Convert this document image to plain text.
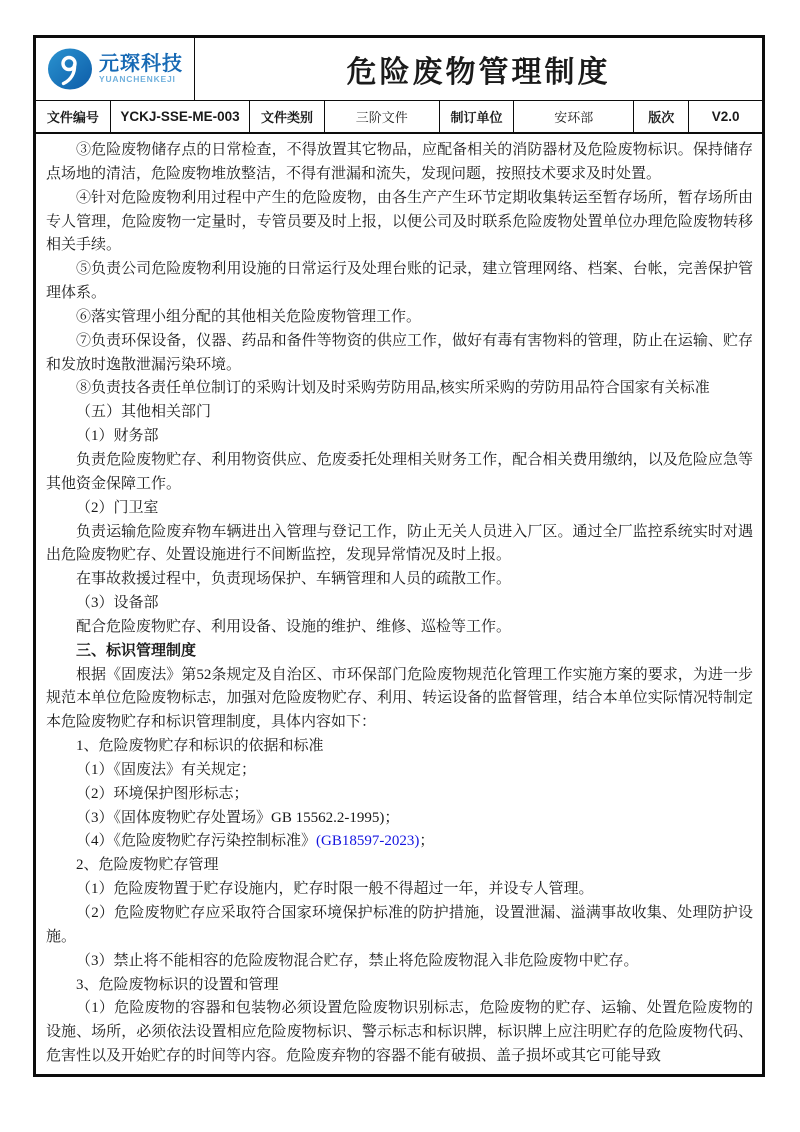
元琛科技
YUANCHENKEJI	危险废物管理制度
文件编号	YCKJ-SSE-ME-003	文件类别	三阶文件	制订单位	安环部	版次	V2.0

③危险废物储存点的日常检查，不得放置其它物品，应配备相关的消防器材及危险废物标识。保持储存点场地的清洁，危险废物堆放整洁，不得有泄漏和流失，发现问题，按照技术要求及时处置。

④针对危险废物利用过程中产生的危险废物，由各生产产生环节定期收集转运至暂存场所，暂存场所由专人管理，危险废物一定量时，专管员要及时上报，以便公司及时联系危险废物处置单位办理危险废物转移相关手续。

⑤负责公司危险废物利用设施的日常运行及处理台账的记录，建立管理网络、档案、台帐，完善保护管理体系。

⑥落实管理小组分配的其他相关危险废物管理工作。

⑦负责环保设备，仪器、药品和备件等物资的供应工作，做好有毒有害物料的管理，防止在运输、贮存和发放时逸散泄漏污染环境。

⑧负责技各责任单位制订的采购计划及时采购劳防用品,核实所采购的劳防用品符合国家有关标准

（五）其他相关部门

（1）财务部

负责危险废物贮存、利用物资供应、危废委托处理相关财务工作，配合相关费用缴纳，以及危险应急等其他资金保障工作。

（2）门卫室

负责运输危险废弃物车辆进出入管理与登记工作，防止无关人员进入厂区。通过全厂监控系统实时对遇出危险废物贮存、处置设施进行不间断监控，发现异常情况及时上报。

在事故救援过程中，负责现场保护、车辆管理和人员的疏散工作。

（3）设备部

配合危险废物贮存、利用设备、设施的维护、维修、巡检等工作。

三、标识管理制度

根据《固废法》第52条规定及自治区、市环保部门危险废物规范化管理工作实施方案的要求，为进一步规范本单位危险废物标志，加强对危险废物贮存、利用、转运设备的监督管理，结合本单位实际情况特制定本危险废物贮存和标识管理制度，具体内容如下：

1、危险废物贮存和标识的依据和标准

（1）《固废法》有关规定；

（2）环境保护图形标志；

（3）《固体废物贮存处置场》GB 15562.2-1995)；

（4）《危险废物贮存污染控制标准》(GB18597-2023)；

2、危险废物贮存管理

（1）危险废物置于贮存设施内，贮存时限一般不得超过一年，并设专人管理。

（2）危险废物贮存应采取符合国家环境保护标准的防护措施，设置泄漏、溢满事故收集、处理防护设施。

（3）禁止将不能相容的危险废物混合贮存，禁止将危险废物混入非危险废物中贮存。

3、危险废物标识的设置和管理

（1）危险废物的容器和包装物必须设置危险废物识别标志，危险废物的贮存、运输、处置危险废物的设施、场所，必须依法设置相应危险废物标识、警示标志和标识牌，标识牌上应注明贮存的危险废物代码、危害性以及开始贮存的时间等内容。危险废弃物的容器不能有破损、盖子损坏或其它可能导致
